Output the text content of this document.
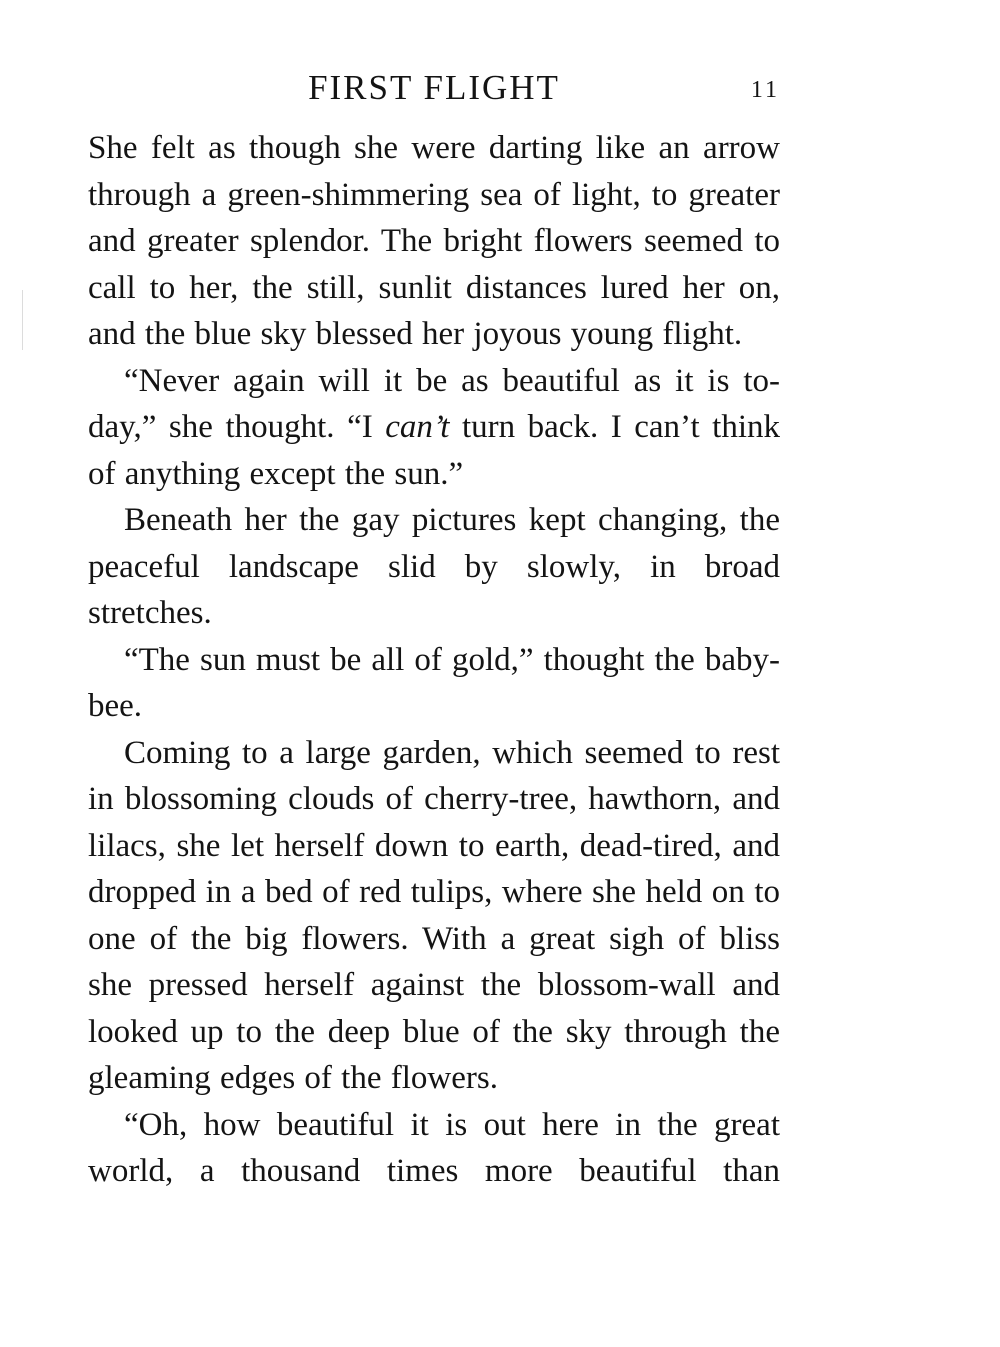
FIRST FLIGHT	11

She felt as though she were darting like an arrow through a green-shimmering sea of light, to greater and greater splendor. The bright flowers seemed to call to her, the still, sunlit distances lured her on, and the blue sky blessed her joyous young flight.

“Never again will it be as beautiful as it is to-day,” she thought. “I can’t turn back. I can’t think of anything except the sun.”

Beneath her the gay pictures kept changing, the peaceful landscape slid by slowly, in broad stretches.

“The sun must be all of gold,” thought the baby-bee.

Coming to a large garden, which seemed to rest in blossoming clouds of cherry-tree, hawthorn, and lilacs, she let herself down to earth, dead-tired, and dropped in a bed of red tulips, where she held on to one of the big flowers. With a great sigh of bliss she pressed herself against the blossom-wall and looked up to the deep blue of the sky through the gleaming edges of the flowers.

“Oh, how beautiful it is out here in the great world, a thousand times more beautiful than
